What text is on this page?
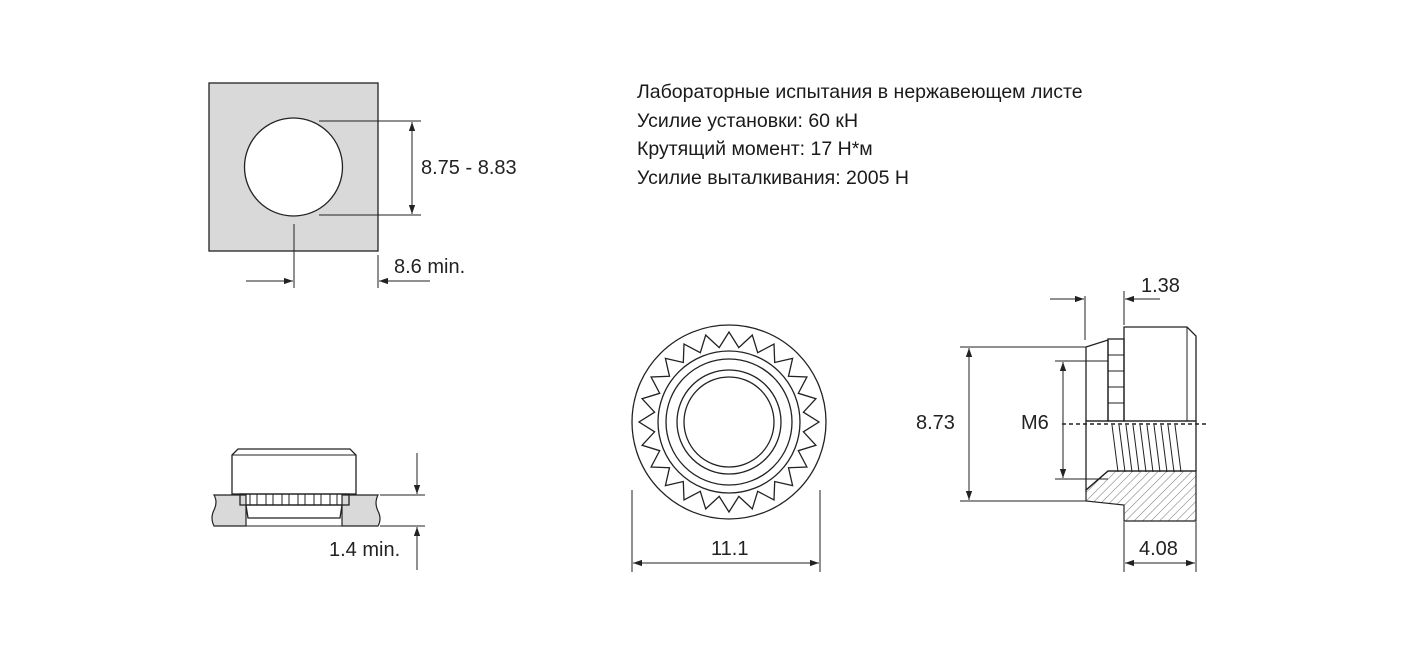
Лабораторные испытания в нержавеющем листе
Усилие установки: 60 кН
Крутящий момент: 17 Н*м
Усилие выталкивания: 2005 Н
8.75 - 8.83
8.6 min.
1.4 min.	11.1
1.38
8.73	M6
4.08
